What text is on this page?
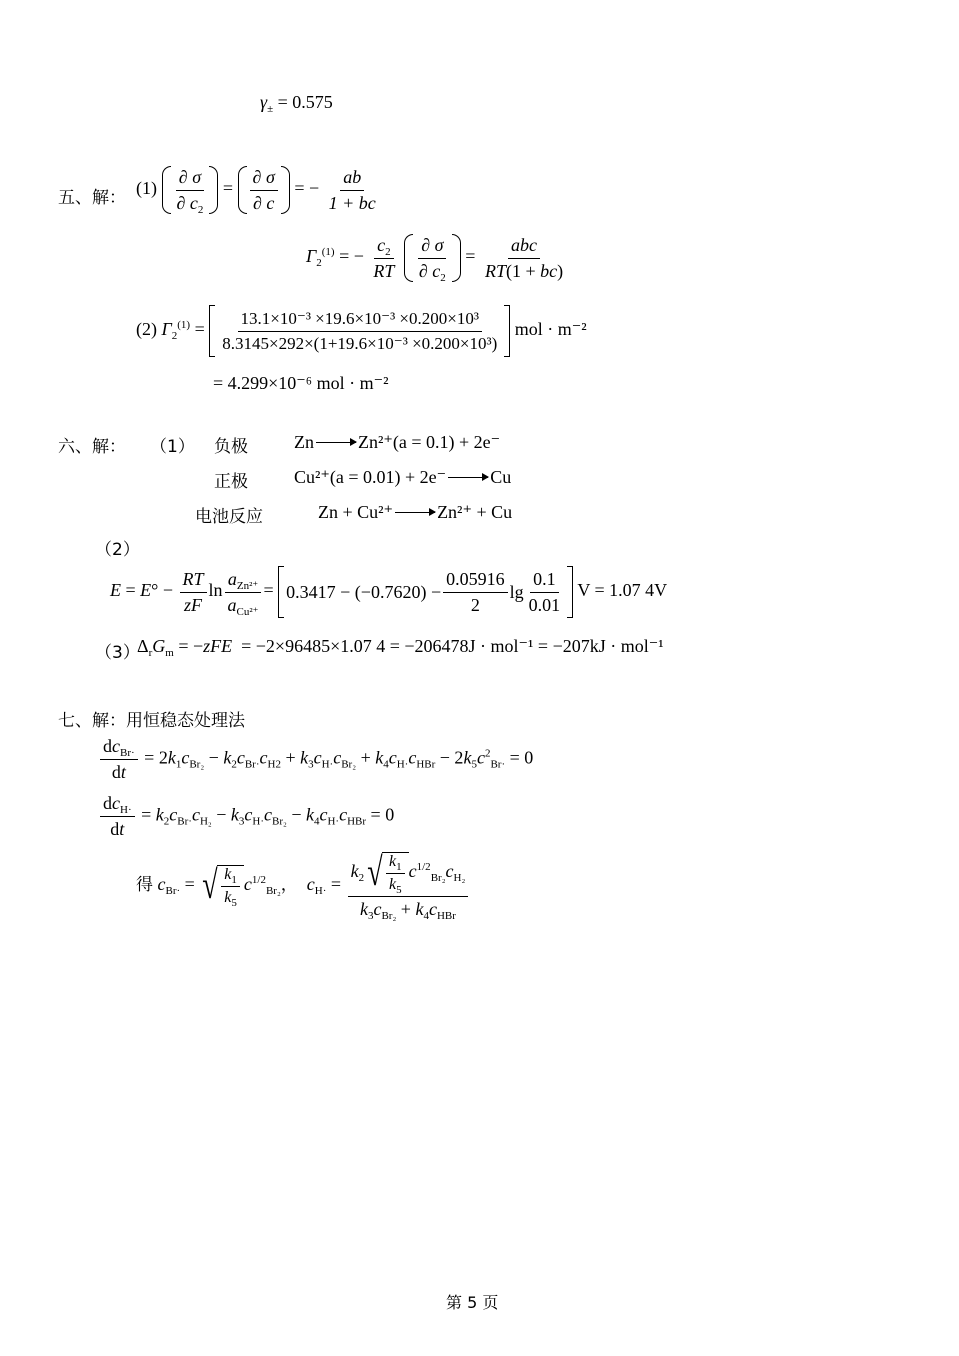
$\gamma_\pm = 0.575$
五、解： $(1) \frac{\partial \sigma}{\partial c_2} = \frac{\partial \sigma}{\partial c}$ = − $\frac{ab}{1 + bc}$
$\Gamma_2^{(1)}$ = − $\frac{c_2}{RT}$
$\frac{\partial \sigma}{\partial c_2} = \frac{\text{abc}}{RT(1 + bc)}$
(2) $\Gamma_2^{(1)} = \frac{\text{13.1×10⁻³ ×19.6×10⁻³ ×0.200×10³}}{\text{8.3145×292×(1+19.6×10⁻³ ×0.200×10³)}}$ mol · m⁻²
= 4.299×10⁻⁶ mol · m⁻²
六、解： （1） 负极	Zn Zn²⁺(a = 0.1) + 2e⁻
正极	Cu²⁺(a = 0.01) + 2e⁻ Cu
电池反应	Zn + Cu²⁺ Zn²⁺ + Cu
（2）
$E = E^\circ - \frac{RT}{zF}$ $\ln \frac{a_{Zn^{2+}}}{a_{Cu^{2+}}} = 0.3417 - (-0.7620) - \frac{0.05916}{2}$ $\lg \frac{0.1}{0.01}$ V = 1.07 4V
（3）
$\Delta_rG_m = -zFE = -2\times 96485\times 1.07$ 4 = −206478J · mol⁻¹ = −207kJ · mol⁻¹
七、解：用恒稳态处理法
$\frac{dc_{Br\cdot}}{dt} = 2k_1c_{Br_2} - k_2c_{Br\cdot}c_{H2} + k_3c_{H\cdot}c_{Br_2} + k_4c_{H\cdot}c_{HBr} - 2k_5c^2_{Br\cdot} = 0$
$\frac{dc_{H\cdot}}{dt} = k_2c_{Br\cdot}c_{H_2} - k_3c_{H\cdot}c_{Br_2} - k_4c_{H\cdot}c_{HBr} = 0$
得 $c_{Br\cdot}$ = √ $\frac{k_1}{k_5} c^{1/2}_{Br_2}$， $c_{H\cdot} = \frac{k_2 √ \frac{k_1}{k_5} c^{1/2}_{Br_2}c_{H_2}}{k_3c_{Br_2} + k_4c_{HBr}}$
第 5 页
